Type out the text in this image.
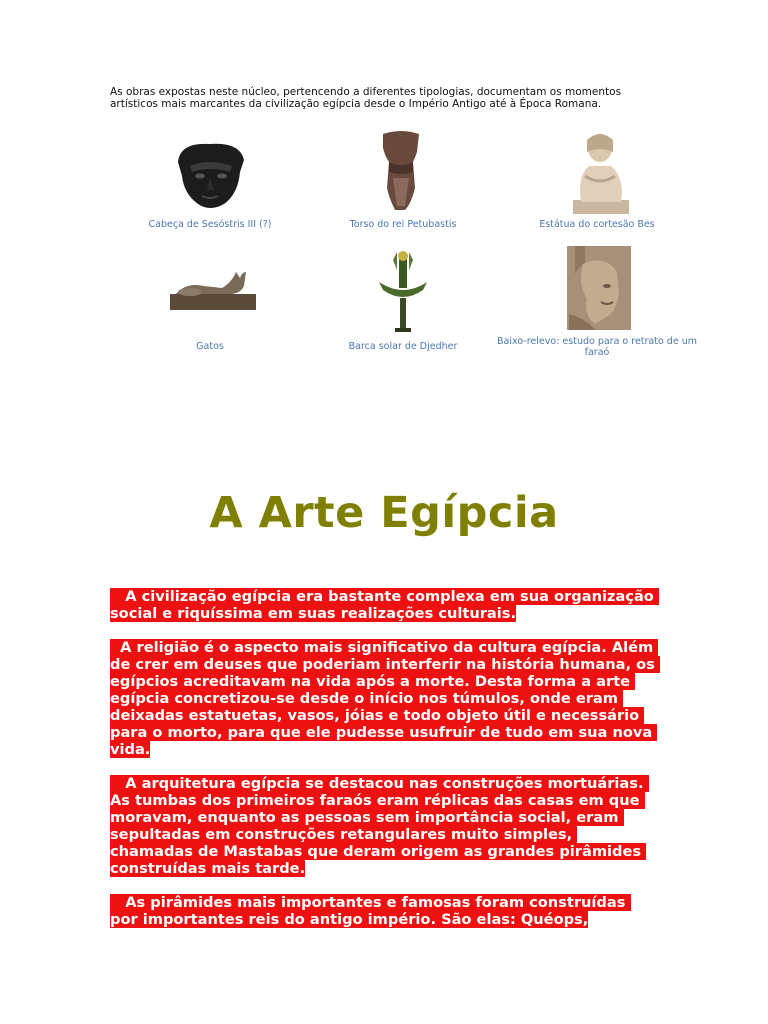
As obras expostas neste núcleo, pertencendo a diferentes tipologias, documentam os momentos artísticos mais marcantes da civilização egípcia desde o Império Antigo até à Época Romana.
Cabeça de Sesóstris III (?)	Torso do rei Petubastis	Estátua do cortesão Bes
Gatos	Barca solar de Djedher	Baixo-relevo: estudo para o retrato de um faraó
A Arte Egípcia

A civilização egípcia era bastante complexa em sua organização social e riquíssima em suas realizações culturais.

A religião é o aspecto mais significativo da cultura egípcia. Além de crer em deuses que poderiam interferir na história humana, os egípcios acreditavam na vida após a morte. Desta forma a arte egípcia concretizou-se desde o início nos túmulos, onde eram deixadas estatuetas, vasos, jóias e todo objeto útil e necessário para o morto, para que ele pudesse usufruir de tudo em sua nova vida.

A arquitetura egípcia se destacou nas construções mortuárias. As tumbas dos primeiros faraós eram réplicas das casas em que moravam, enquanto as pessoas sem importância social, eram sepultadas em construções retangulares muito simples, chamadas de Mastabas que deram origem as grandes pirâmides construídas mais tarde.

As pirâmides mais importantes e famosas foram construídas por importantes reis do antigo império. São elas: Quéops,
